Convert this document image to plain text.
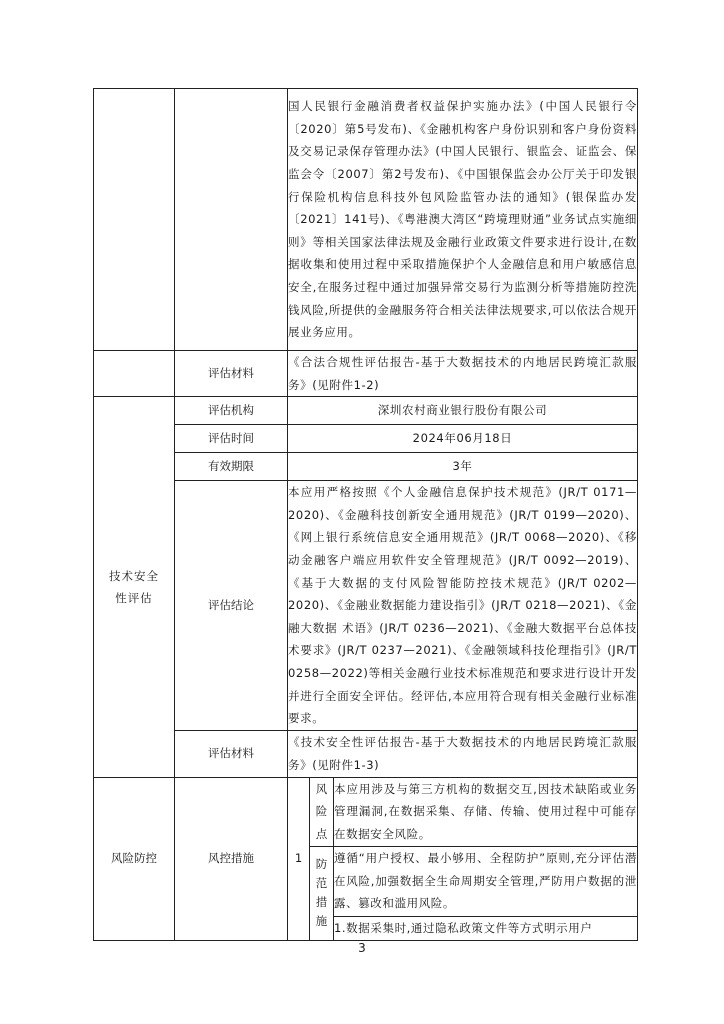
		国人民银行金融消费者权益保护实施办法》(中国人民银行令〔2020〕第5号发布)、《金融机构客户身份识别和客户身份资料及交易记录保存管理办法》(中国人民银行、银监会、证监会、保监会令〔2007〕第2号发布)、《中国银保监会办公厅关于印发银行保险机构信息科技外包风险监管办法的通知》(银保监办发〔2021〕141号)、《粤港澳大湾区“跨境理财通”业务试点实施细则》等相关国家法律法规及金融行业政策文件要求进行设计,在数据收集和使用过程中采取措施保护个人金融信息和用户敏感信息安全,在服务过程中通过加强异常交易行为监测分析等措施防控洗钱风险,所提供的金融服务符合相关法律法规要求,可以依法合规开展业务应用。		
	评估材料	《合法合规性评估报告-基于大数据技术的内地居民跨境汇款服务》(见附件1-2)		

技术安全性评估	评估机构	深圳农村商业银行股份有限公司		
	评估时间	2024年06月18日		
	有效期限	3年		
	评估结论	本应用严格按照《个人金融信息保护技术规范》(JR/T 0171—2020)、《金融科技创新安全通用规范》(JR/T 0199—2020)、《网上银行系统信息安全通用规范》(JR/T 0068—2020)、《移动金融客户端应用软件安全管理规范》(JR/T 0092—2019)、《基于大数据的支付风险智能防控技术规范》(JR/T 0202—2020)、《金融业数据能力建设指引》(JR/T 0218—2021)、《金融大数据 术语》(JR/T 0236—2021)、《金融大数据平台总体技术要求》(JR/T 0237—2021)、《金融领域科技伦理指引》(JR/T 0258—2022)等相关金融行业技术标准规范和要求进行设计开发并进行全面安全评估。经评估,本应用符合现有相关金融行业标准要求。		
	评估材料	《技术安全性评估报告-基于大数据技术的内地居民跨境汇款服务》(见附件1-3)		
风险防控	风控措施	1	风险点	本应用涉及与第三方机构的数据交互,因技术缺陷或业务管理漏洞,在数据采集、存储、传输、使用过程中可能存在数据安全风险。

			防范措施	遵循“用户授权、最小够用、全程防护”原则,充分评估潜在风险,加强数据全生命周期安全管理,严防用户数据的泄露、篡改和滥用风险。
				1.数据采集时,通过隐私政策文件等方式明示用户
3
